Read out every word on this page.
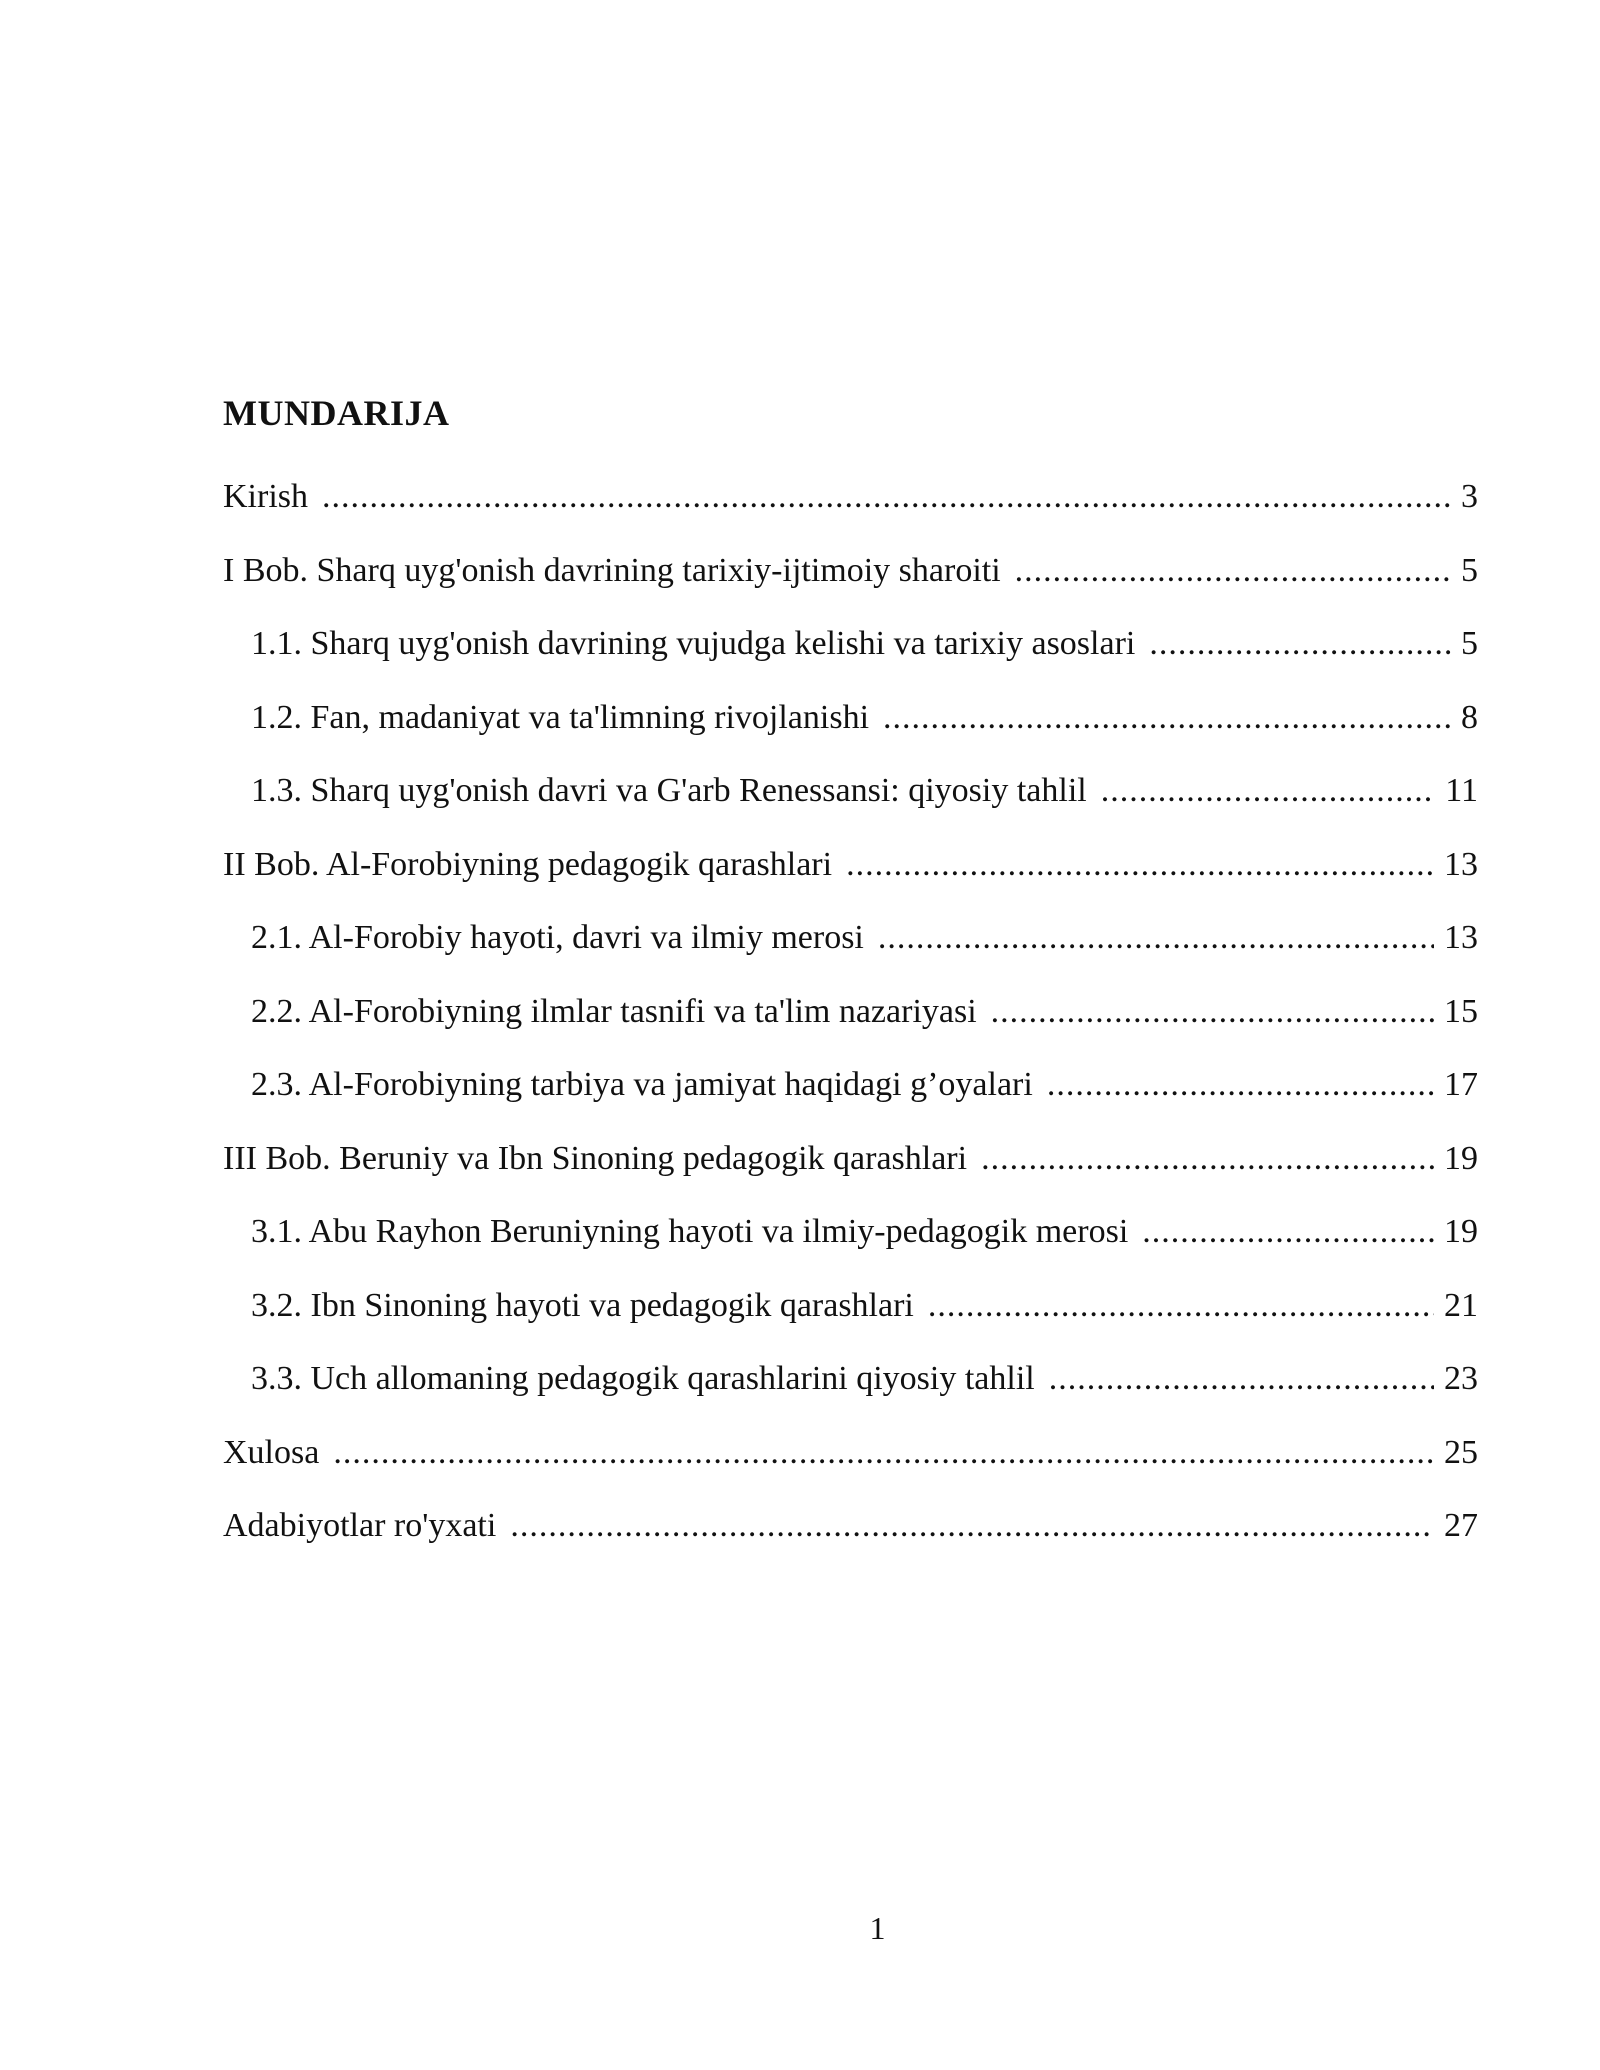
MUNDARIJA
Kirish .....	3
I Bob. Sharq uyg'onish davrining tarixiy-ijtimoiy sharoiti .....	5
1.1. Sharq uyg'onish davrining vujudga kelishi va tarixiy asoslari .....	5
1.2. Fan, madaniyat va ta'limning rivojlanishi .....	8
1.3. Sharq uyg'onish davri va G'arb Renessansi: qiyosiy tahlil .....	11
II Bob. Al-Forobiyning pedagogik qarashlari .....	13
2.1. Al-Forobiy hayoti, davri va ilmiy merosi .....	13
2.2. Al-Forobiyning ilmlar tasnifi va ta'lim nazariyasi .....	15
2.3. Al-Forobiyning tarbiya va jamiyat haqidagi g’oyalari .....	17
III Bob. Beruniy va Ibn Sinoning pedagogik qarashlari .....	19
3.1. Abu Rayhon Beruniyning hayoti va ilmiy-pedagogik merosi .....	19
3.2. Ibn Sinoning hayoti va pedagogik qarashlari .....	21
3.3. Uch allomaning pedagogik qarashlarini qiyosiy tahlil .....	23
Xulosa .....	25
Adabiyotlar ro'yxati .....	27
1
